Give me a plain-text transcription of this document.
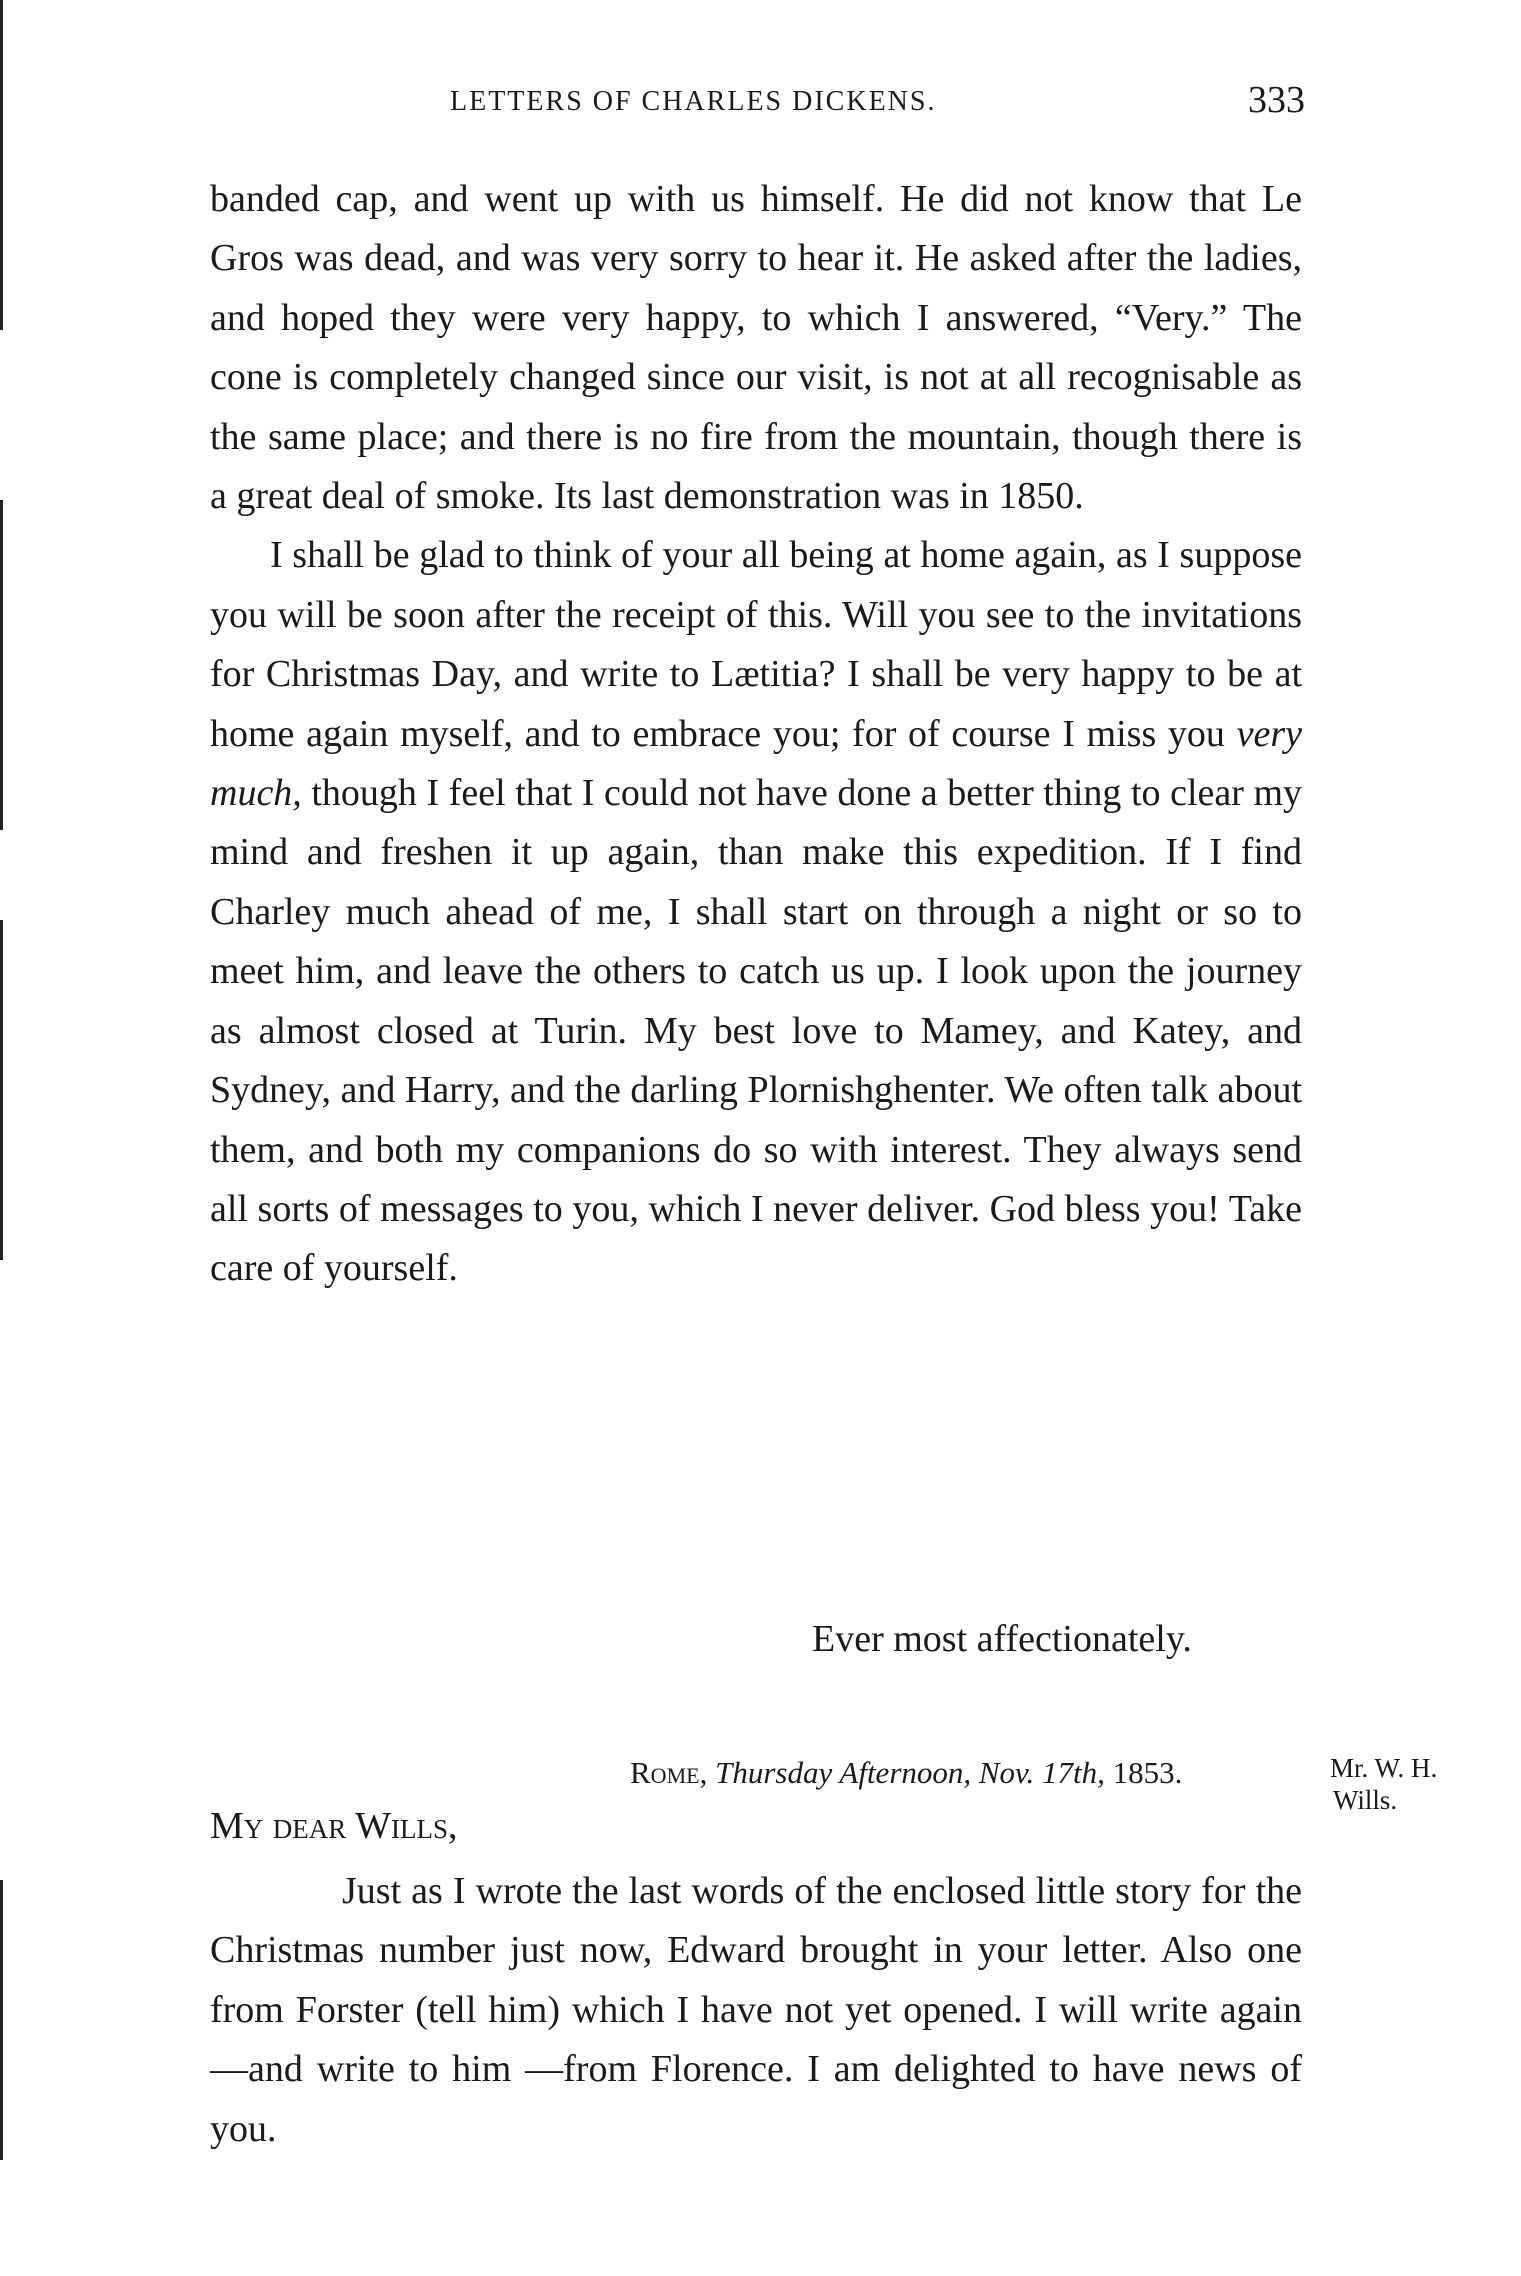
LETTERS OF CHARLES DICKENS.	333

banded cap, and went up with us himself. He did not know that Le Gros was dead, and was very sorry to hear it. He asked after the ladies, and hoped they were very happy, to which I answered, “Very.” The cone is completely changed since our visit, is not at all recognisable as the same place; and there is no fire from the mountain, though there is a great deal of smoke. Its last demonstration was in 1850.

I shall be glad to think of your all being at home again, as I suppose you will be soon after the receipt of this. Will you see to the invitations for Christmas Day, and write to Lætitia? I shall be very happy to be at home again myself, and to embrace you; for of course I miss you very much, though I feel that I could not have done a better thing to clear my mind and freshen it up again, than make this expedition. If I find Charley much ahead of me, I shall start on through a night or so to meet him, and leave the others to catch us up. I look upon the journey as almost closed at Turin. My best love to Mamey, and Katey, and Sydney, and Harry, and the darling Plornishghenter. We often talk about them, and both my companions do so with interest. They always send all sorts of messages to you, which I never deliver. God bless you! Take care of yourself.

Ever most affectionately.
Rome, Thursday Afternoon, Nov. 17th, 1853.	Mr. W. H.
Wills.
My dear Wills,

Just as I wrote the last words of the enclosed little story for the Christmas number just now, Edward brought in your letter. Also one from Forster (tell him) which I have not yet opened. I will write again—and write to him —from Florence. I am delighted to have news of you.
